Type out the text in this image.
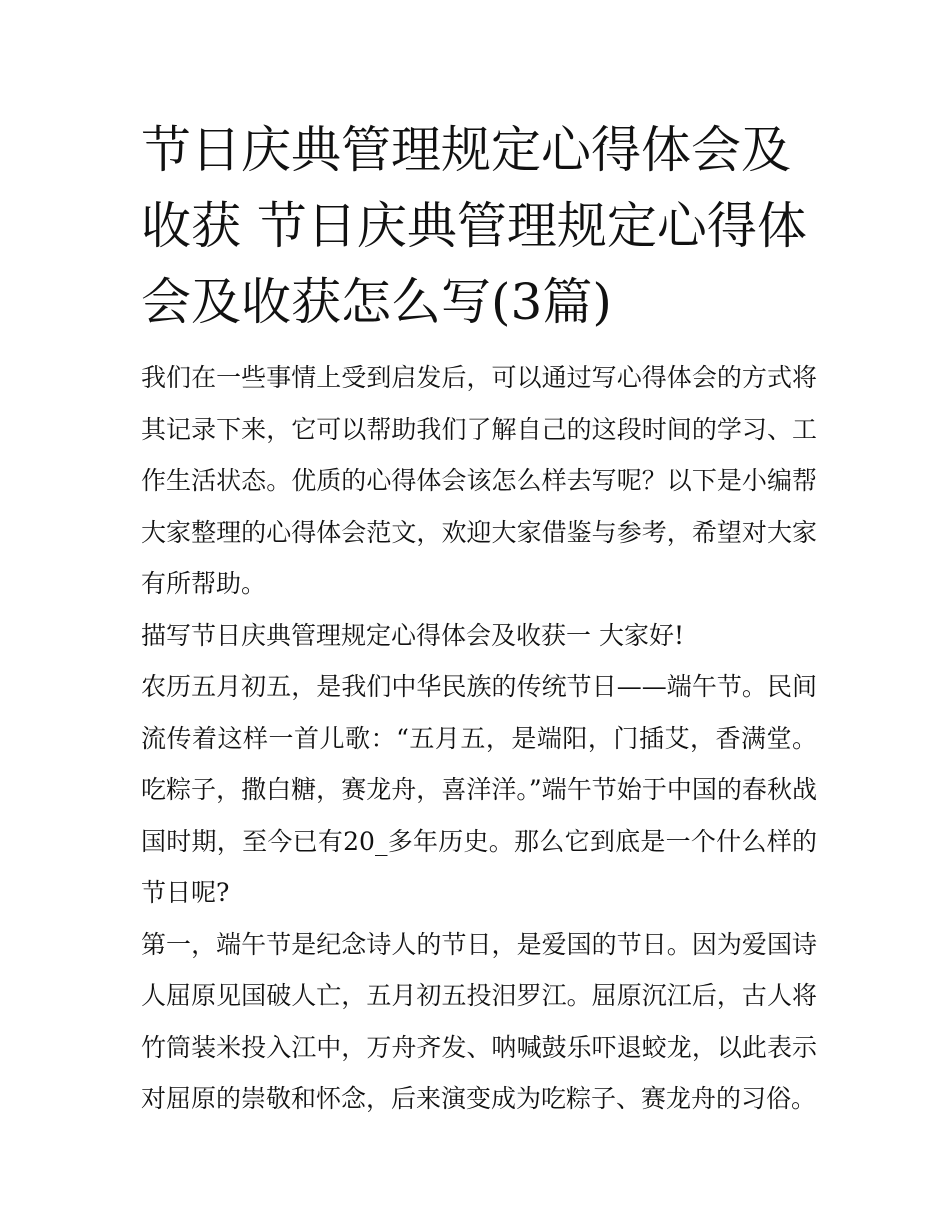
节日庆典管理规定心得体会及收获 节日庆典管理规定心得体会及收获怎么写(3篇)

我们在一些事情上受到启发后，可以通过写心得体会的方式将其记录下来，它可以帮助我们了解自己的这段时间的学习、工作生活状态。优质的心得体会该怎么样去写呢？以下是小编帮大家整理的心得体会范文，欢迎大家借鉴与参考，希望对大家有所帮助。

描写节日庆典管理规定心得体会及收获一 大家好!

农历五月初五，是我们中华民族的传统节日——端午节。民间流传着这样一首儿歌：“五月五，是端阳，门插艾，香满堂。吃粽子，撒白糖，赛龙舟，喜洋洋。”端午节始于中国的春秋战国时期，至今已有20_多年历史。那么它到底是一个什么样的节日呢?

第一，端午节是纪念诗人的节日，是爱国的节日。因为爱国诗人屈原见国破人亡，五月初五投汨罗江。屈原沉江后，古人将竹筒装米投入江中，万舟齐发、呐喊鼓乐吓退蛟龙，以此表示对屈原的崇敬和怀念，后来演变成为吃粽子、赛龙舟的习俗。
